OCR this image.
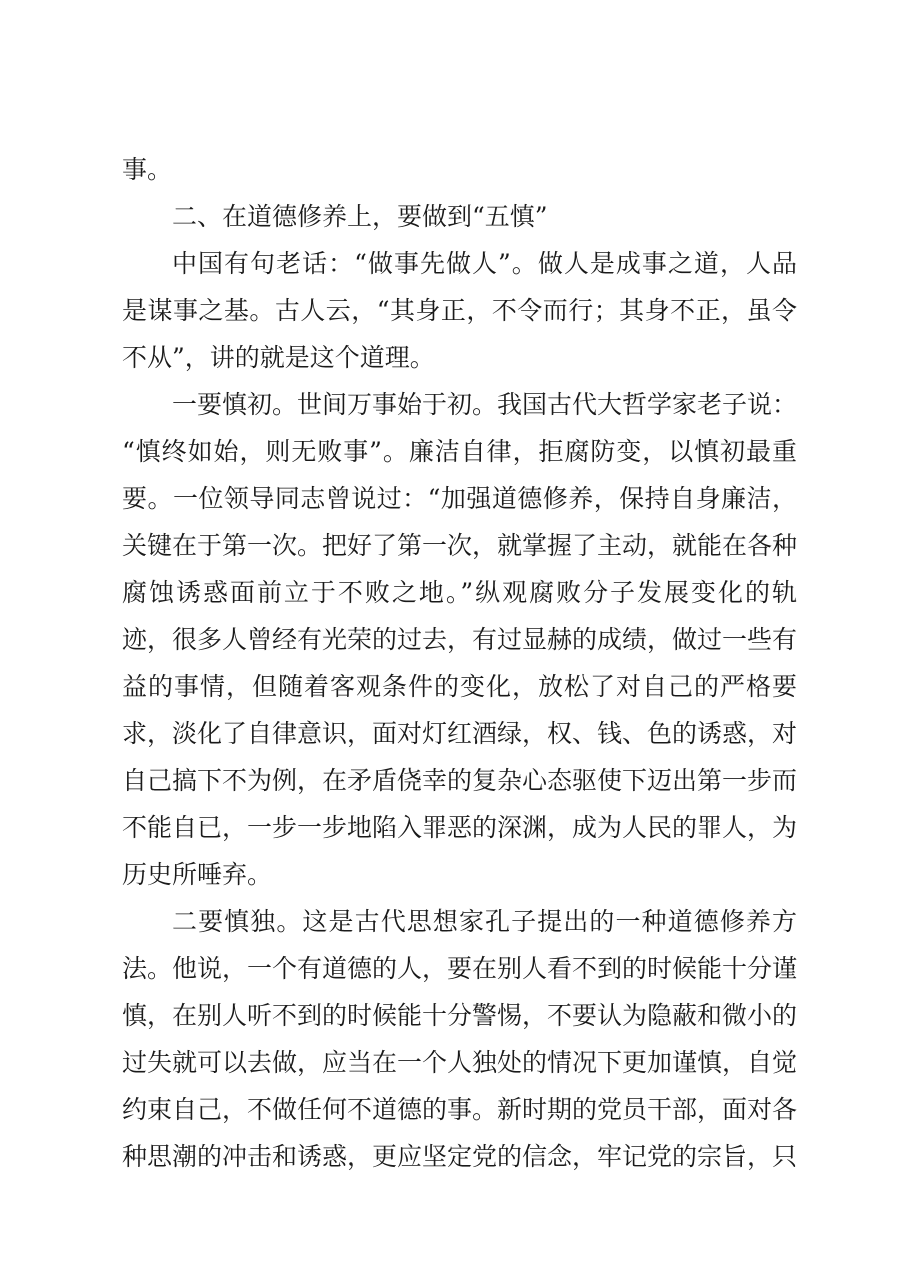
事。
二、在道德修养上，要做到“五慎”
中国有句老话：“做事先做人”。做人是成事之道，人品
是谋事之基。古人云，“其身正，不令而行；其身不正，虽令
不从”，讲的就是这个道理。
一要慎初。世间万事始于初。我国古代大哲学家老子说：
“慎终如始，则无败事”。廉洁自律，拒腐防变，以慎初最重
要。一位领导同志曾说过：“加强道德修养，保持自身廉洁，
关键在于第一次。把好了第一次，就掌握了主动，就能在各种
腐蚀诱惑面前立于不败之地。”纵观腐败分子发展变化的轨
迹，很多人曾经有光荣的过去，有过显赫的成绩，做过一些有
益的事情，但随着客观条件的变化，放松了对自己的严格要
求，淡化了自律意识，面对灯红酒绿，权、钱、色的诱惑，对
自己搞下不为例，在矛盾侥幸的复杂心态驱使下迈出第一步而
不能自已，一步一步地陷入罪恶的深渊，成为人民的罪人，为
历史所唾弃。
二要慎独。这是古代思想家孔子提出的一种道德修养方
法。他说，一个有道德的人，要在别人看不到的时候能十分谨
慎，在别人听不到的时候能十分警惕，不要认为隐蔽和微小的
过失就可以去做，应当在一个人独处的情况下更加谨慎，自觉
约束自己，不做任何不道德的事。新时期的党员干部，面对各
种思潮的冲击和诱惑，更应坚定党的信念，牢记党的宗旨，只
